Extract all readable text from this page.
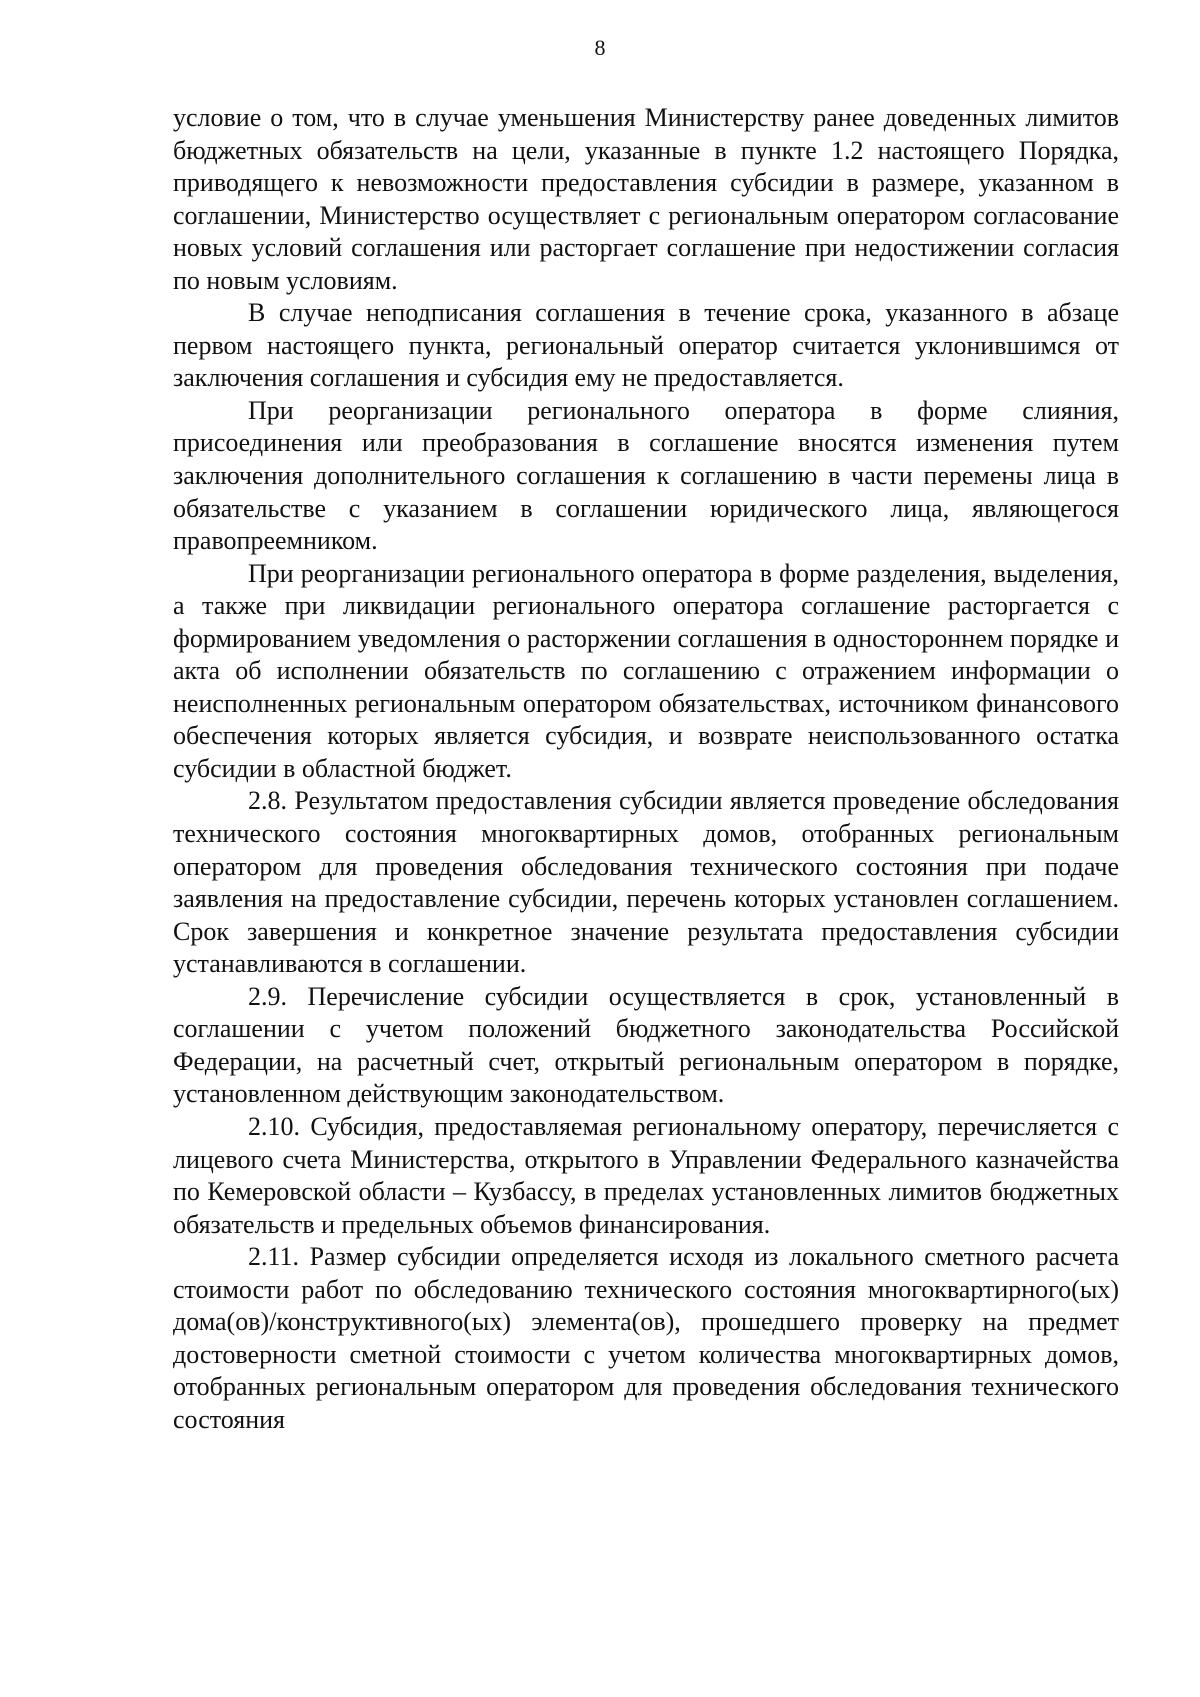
8

условие о том, что в случае уменьшения Министерству ранее доведенных лимитов бюджетных обязательств на цели, указанные в пункте 1.2 настоящего Порядка, приводящего к невозможности предоставления субсидии в размере, указанном в соглашении, Министерство осуществляет с региональным оператором согласование новых условий соглашения или расторгает соглашение при недостижении согласия по новым условиям.

В случае неподписания соглашения в течение срока, указанного в абзаце первом настоящего пункта, региональный оператор считается уклонившимся от заключения соглашения и субсидия ему не предоставляется.

При реорганизации регионального оператора в форме слияния, присоединения или преобразования в соглашение вносятся изменения путем заключения дополнительного соглашения к соглашению в части перемены лица в обязательстве с указанием в соглашении юридического лица, являющегося правопреемником.

При реорганизации регионального оператора в форме разделения, выделения, а также при ликвидации регионального оператора соглашение расторгается с формированием уведомления о расторжении соглашения в одностороннем порядке и акта об исполнении обязательств по соглашению с отражением информации о неисполненных региональным оператором обязательствах, источником финансового обеспечения которых является субсидия, и возврате неиспользованного остатка субсидии в областной бюджет.

2.8. Результатом предоставления субсидии является проведение обследования технического состояния многоквартирных домов, отобранных региональным оператором для проведения обследования технического состояния при подаче заявления на предоставление субсидии, перечень которых установлен соглашением. Срок завершения и конкретное значение результата предоставления субсидии устанавливаются в соглашении.

2.9. Перечисление субсидии осуществляется в срок, установленный в соглашении с учетом положений бюджетного законодательства Российской Федерации, на расчетный счет, открытый региональным оператором в порядке, установленном действующим законодательством.

2.10. Субсидия, предоставляемая региональному оператору, перечисляется с лицевого счета Министерства, открытого в Управлении Федерального казначейства по Кемеровской области – Кузбассу, в пределах установленных лимитов бюджетных обязательств и предельных объемов финансирования.

2.11. Размер субсидии определяется исходя из локального сметного расчета стоимости работ по обследованию технического состояния многоквартирного(ых) дома(ов)/конструктивного(ых) элемента(ов), прошедшего проверку на предмет достоверности сметной стоимости с учетом количества многоквартирных домов, отобранных региональным оператором для проведения обследования технического состояния
